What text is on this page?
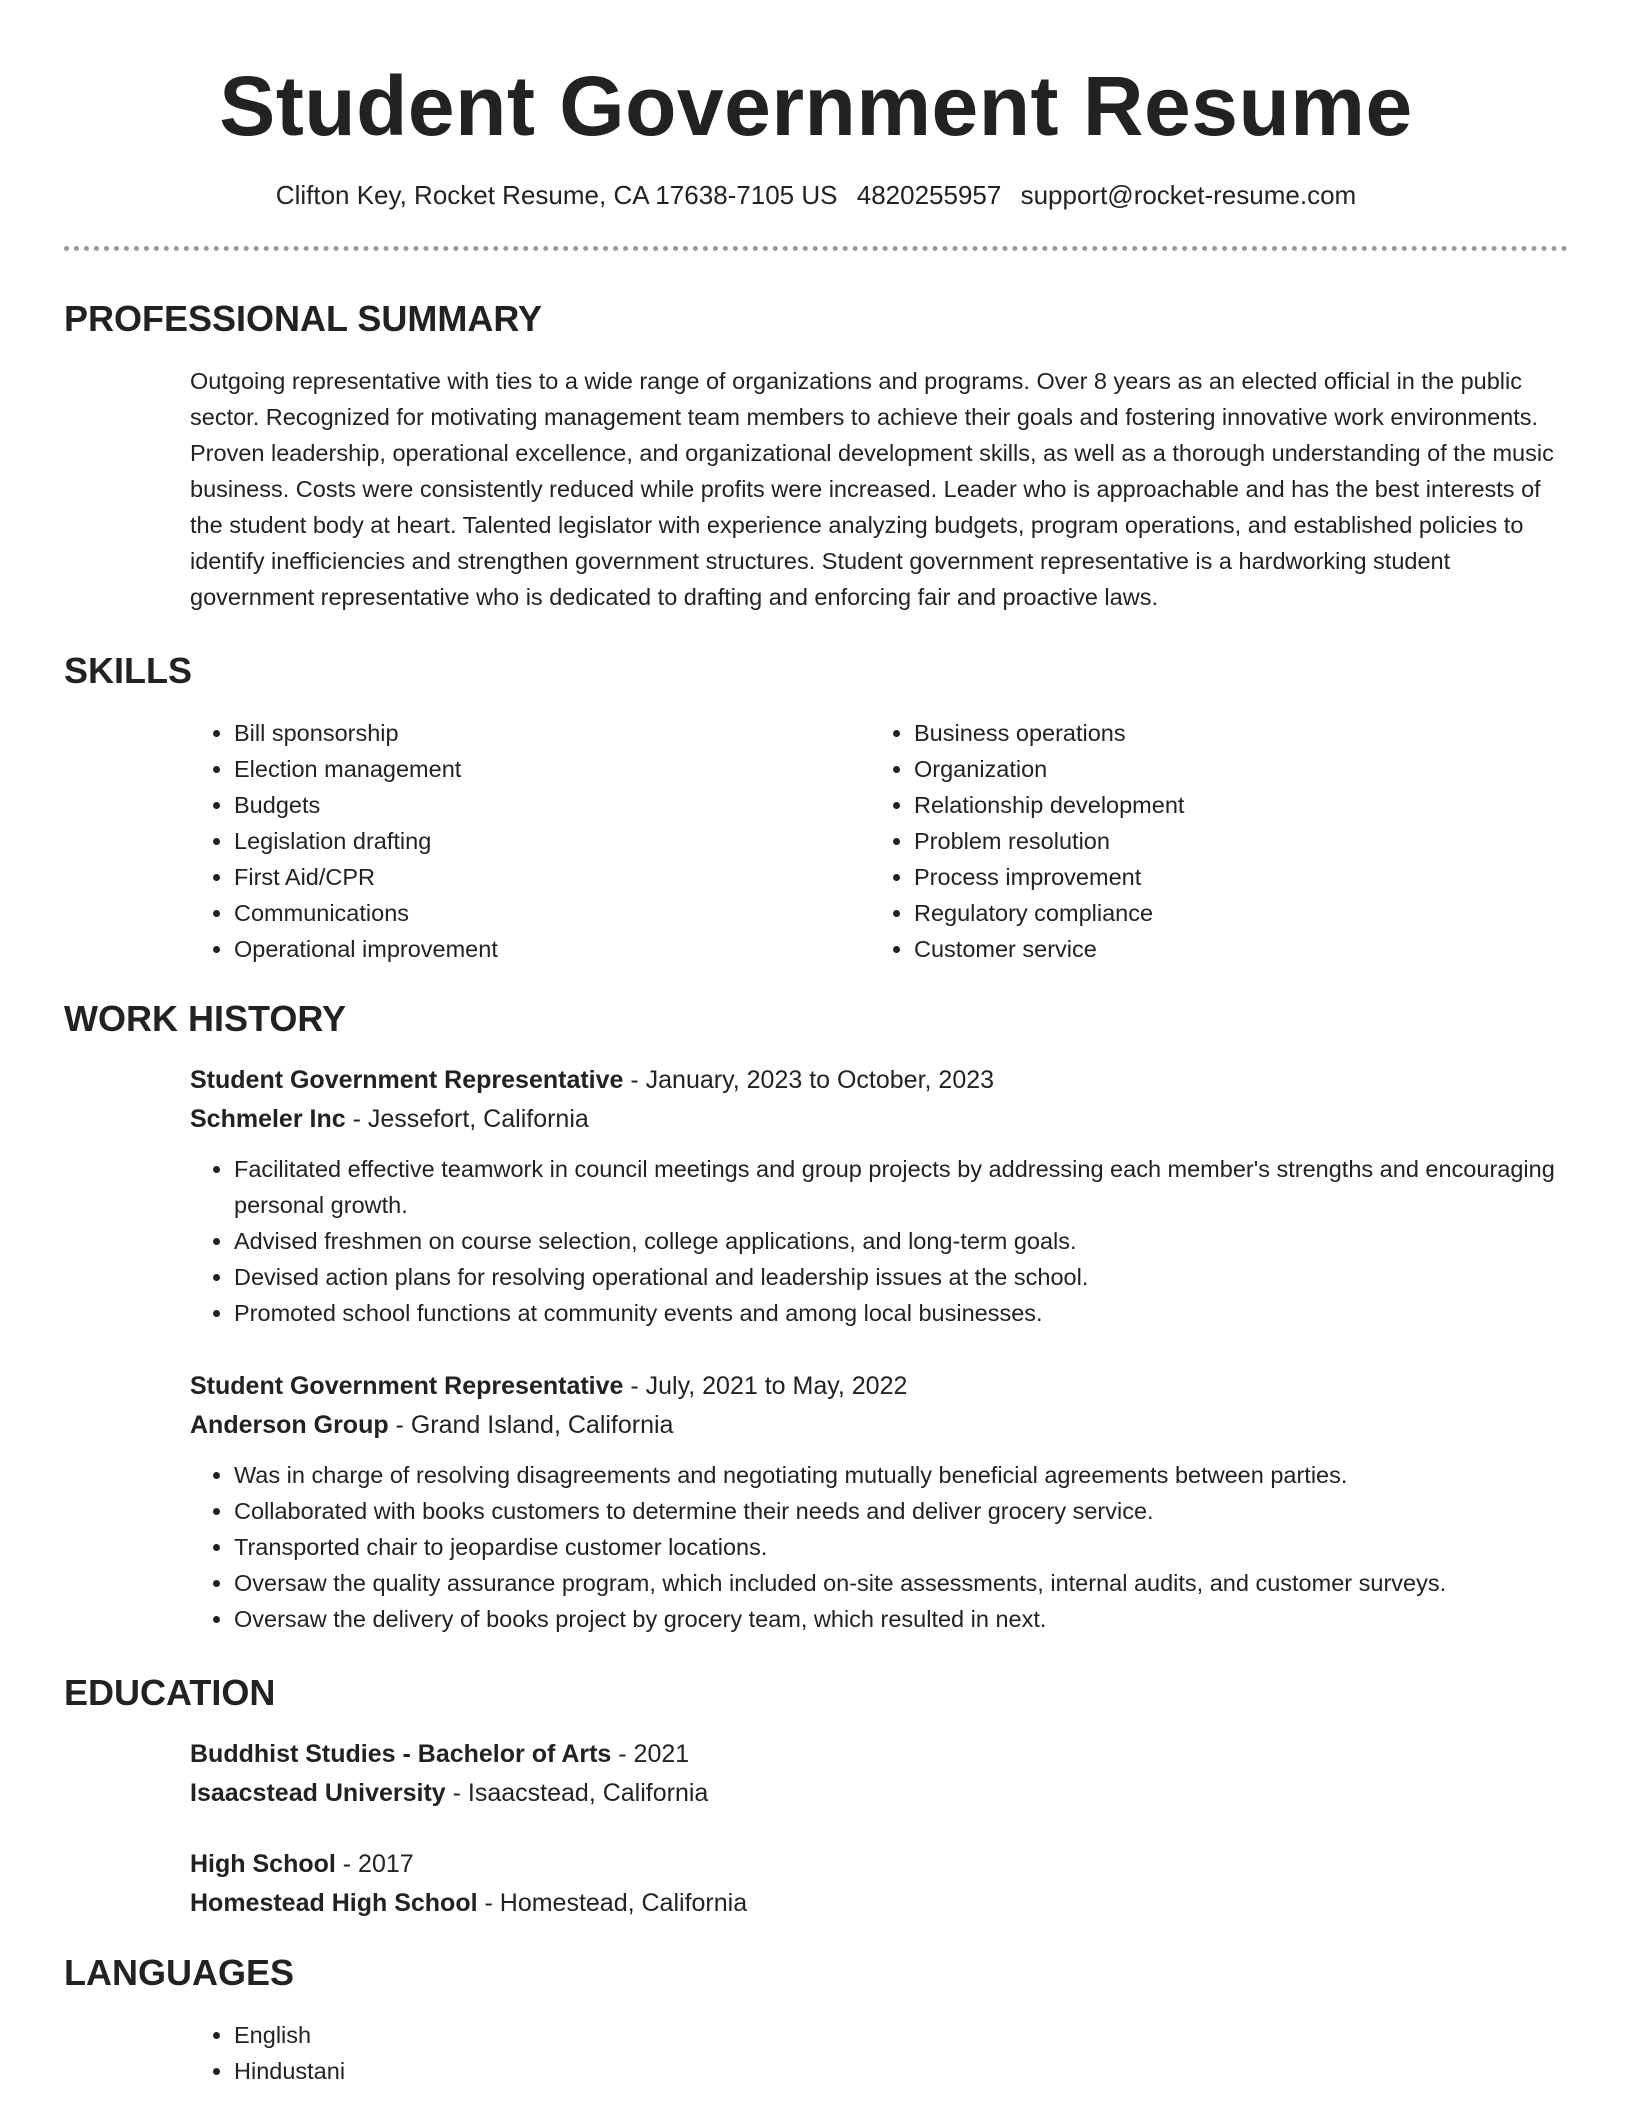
Student Government Resume
Clifton Key, Rocket Resume, CA 17638-7105 US 4820255957 support@rocket-resume.com
PROFESSIONAL SUMMARY
Outgoing representative with ties to a wide range of organizations and programs. Over 8 years as an elected official in the public sector. Recognized for motivating management team members to achieve their goals and fostering innovative work environments. Proven leadership, operational excellence, and organizational development skills, as well as a thorough understanding of the music business. Costs were consistently reduced while profits were increased. Leader who is approachable and has the best interests of the student body at heart. Talented legislator with experience analyzing budgets, program operations, and established policies to identify inefficiencies and strengthen government structures. Student government representative is a hardworking student government representative who is dedicated to drafting and enforcing fair and proactive laws.
SKILLS
• Bill sponsorship
• Election management
• Budgets
• Legislation drafting
• First Aid/CPR
• Communications
• Operational improvement
• Business operations
• Organization
• Relationship development
• Problem resolution
• Process improvement
• Regulatory compliance
• Customer service
WORK HISTORY
Student Government Representative - January, 2023 to October, 2023
Schmeler Inc - Jessefort, California
• Facilitated effective teamwork in council meetings and group projects by addressing each member's strengths and encouraging personal growth.
• Advised freshmen on course selection, college applications, and long-term goals.
• Devised action plans for resolving operational and leadership issues at the school.
• Promoted school functions at community events and among local businesses.
Student Government Representative - July, 2021 to May, 2022
Anderson Group - Grand Island, California
• Was in charge of resolving disagreements and negotiating mutually beneficial agreements between parties.
• Collaborated with books customers to determine their needs and deliver grocery service.
• Transported chair to jeopardise customer locations.
• Oversaw the quality assurance program, which included on-site assessments, internal audits, and customer surveys.
• Oversaw the delivery of books project by grocery team, which resulted in next.
EDUCATION
Buddhist Studies - Bachelor of Arts - 2021
Isaacstead University - Isaacstead, California
High School - 2017
Homestead High School - Homestead, California
LANGUAGES
• English
• Hindustani
